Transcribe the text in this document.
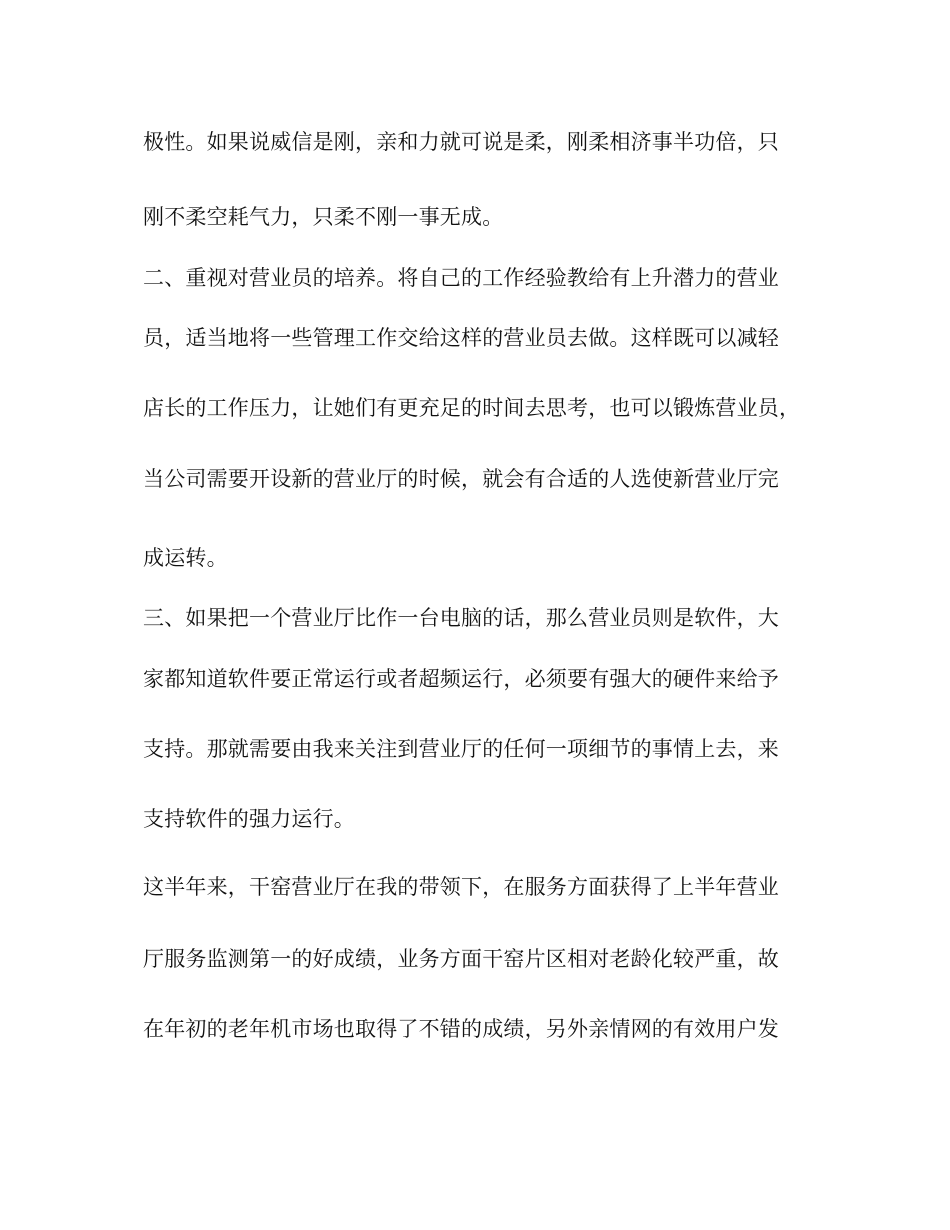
极性。如果说威信是刚，亲和力就可说是柔，刚柔相济事半功倍，只
刚不柔空耗气力，只柔不刚一事无成。
二、重视对营业员的培养。将自己的工作经验教给有上升潜力的营业
员，适当地将一些管理工作交给这样的营业员去做。这样既可以减轻
店长的工作压力，让她们有更充足的时间去思考，也可以锻炼营业员，
当公司需要开设新的营业厅的时候，就会有合适的人选使新营业厅完
成运转。
三、如果把一个营业厅比作一台电脑的话，那么营业员则是软件，大
家都知道软件要正常运行或者超频运行，必须要有强大的硬件来给予
支持。那就需要由我来关注到营业厅的任何一项细节的事情上去，来
支持软件的强力运行。
这半年来，干窑营业厅在我的带领下，在服务方面获得了上半年营业
厅服务监测第一的好成绩，业务方面干窑片区相对老龄化较严重，故
在年初的老年机市场也取得了不错的成绩，另外亲情网的有效用户发
